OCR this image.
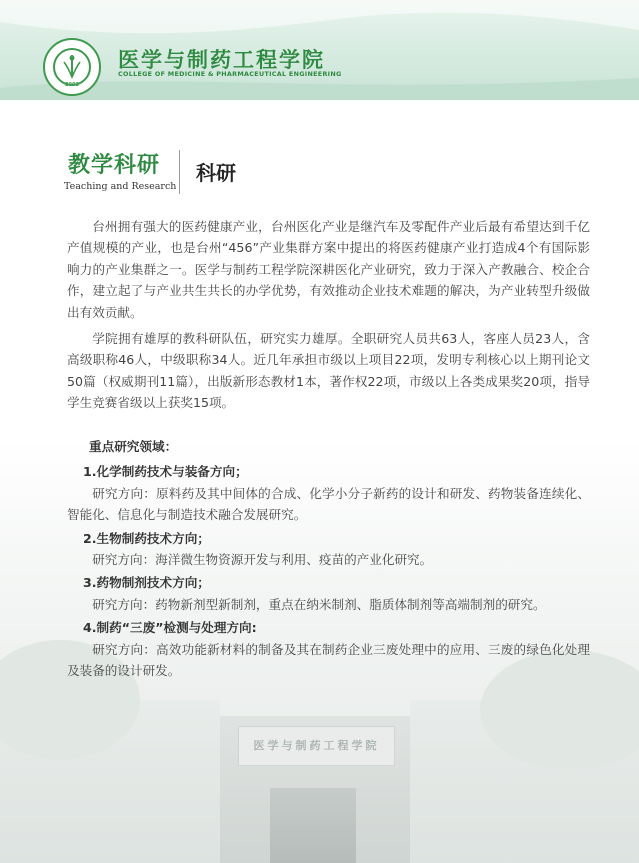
医学与制药工程学院
2002
医学与制药工程学院
COLLEGE OF MEDICINE & PHARMACEUTICAL ENGINEERING
教学科研
Teaching and Research
科研

台州拥有强大的医药健康产业，台州医化产业是继汽车及零配件产业后最有希望达到千亿产值规模的产业，也是台州“456”产业集群方案中提出的将医药健康产业打造成4个有国际影响力的产业集群之一。医学与制药工程学院深耕医化产业研究，致力于深入产教融合、校企合作，建立起了与产业共生共长的办学优势，有效推动企业技术难题的解决，为产业转型升级做出有效贡献。

学院拥有雄厚的教科研队伍，研究实力雄厚。全职研究人员共63人，客座人员23人，含高级职称46人，中级职称34人。近几年承担市级以上项目22项，发明专利核心以上期刊论文50篇（权威期刊11篇），出版新形态教材1本，著作权22项，市级以上各类成果奖20项，指导学生竞赛省级以上获奖15项。

重点研究领域：
1.化学制药技术与装备方向；
研究方向：原料药及其中间体的合成、化学小分子新药的设计和研发、药物装备连续化、智能化、信息化与制造技术融合发展研究。
2.生物制药技术方向；
研究方向：海洋微生物资源开发与利用、疫苗的产业化研究。
3.药物制剂技术方向；
研究方向：药物新剂型新制剂，重点在纳米制剂、脂质体制剂等高端制剂的研究。
4.制药“三废”检测与处理方向:
研究方向：高效功能新材料的制备及其在制药企业三废处理中的应用、三废的绿色化处理及装备的设计研发。
